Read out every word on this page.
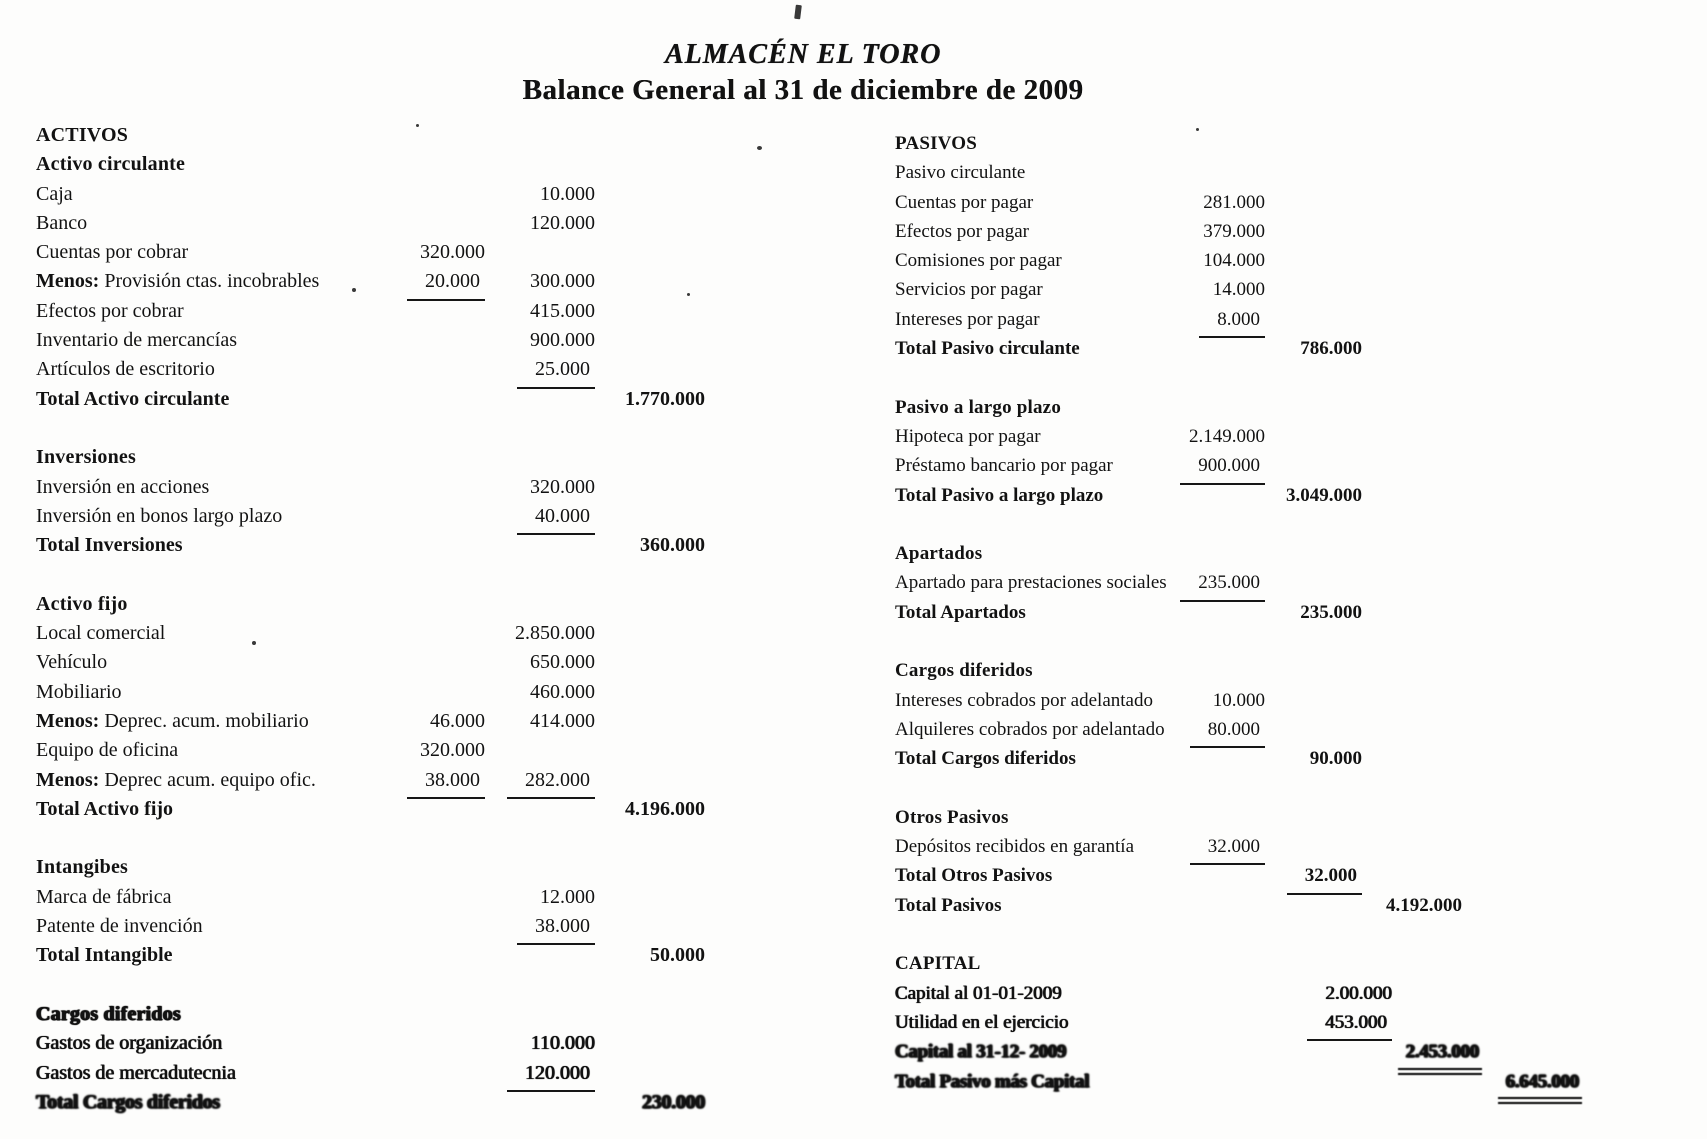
ALMACÉN EL TORO
Balance General al 31 de diciembre de 2009
ACTIVOS
Activo circulante
Caja	10.000
Banco	120.000
Cuentas por cobrar	320.000
Menos: Provisión ctas. incobrables	20.000	300.000
Efectos por cobrar	415.000
Inventario de mercancías	900.000
Artículos de escritorio	25.000
Total Activo circulante	1.770.000
Inversiones
Inversión en acciones	320.000
Inversión en bonos largo plazo	40.000
Total Inversiones	360.000
Activo fijo
Local comercial	2.850.000
Vehículo	650.000
Mobiliario	460.000
Menos: Deprec. acum. mobiliario	46.000	414.000
Equipo de oficina	320.000
Menos: Deprec acum. equipo ofic.	38.000	282.000
Total Activo fijo	4.196.000
Intangibes
Marca de fábrica	12.000
Patente de invención	38.000
Total Intangible	50.000
Cargos diferidos
Gastos de organización	110.000
Gastos de mercadutecnia	120.000
Total Cargos diferidos	230.000
PASIVOS
Pasivo circulante
Cuentas por pagar	281.000
Efectos por pagar	379.000
Comisiones por pagar	104.000
Servicios por pagar	14.000
Intereses por pagar	8.000
Total Pasivo circulante	786.000
Pasivo a largo plazo
Hipoteca por pagar	2.149.000
Préstamo bancario por pagar	900.000
Total Pasivo a largo plazo	3.049.000
Apartados
Apartado para prestaciones sociales	235.000
Total Apartados	235.000
Cargos diferidos
Intereses cobrados por adelantado	10.000
Alquileres cobrados por adelantado	80.000
Total Cargos diferidos	90.000
Otros Pasivos
Depósitos recibidos en garantía	32.000
Total Otros Pasivos	32.000
Total Pasivos	4.192.000
CAPITAL
Capital al 01-01-2009	2.00.000
Utilidad en el ejercicio	453.000
Capital al 31-12- 2009	2.453.000
Total Pasivo más Capital	6.645.000
